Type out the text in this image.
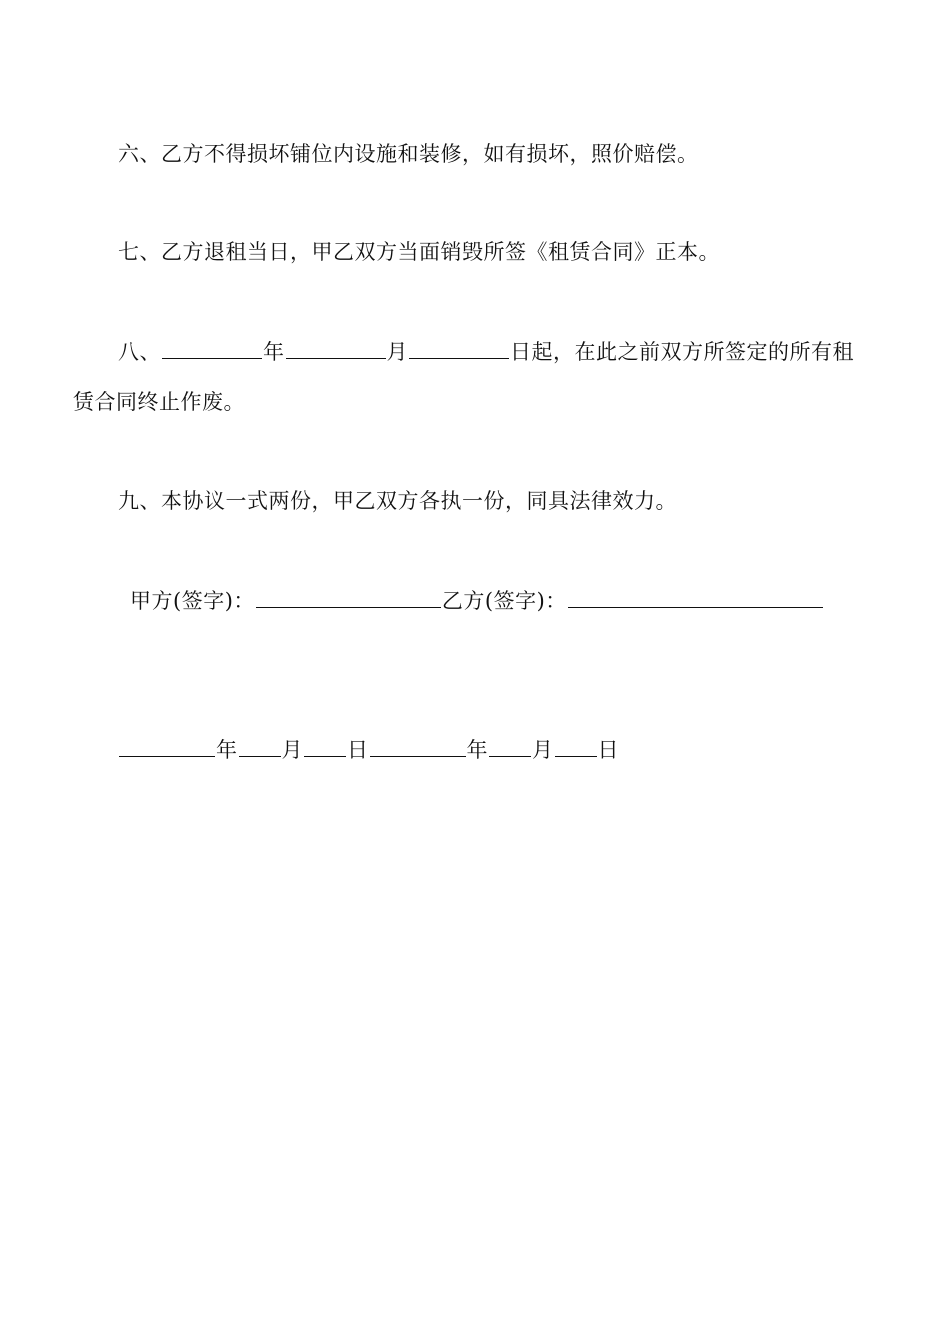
六、乙方不得损坏铺位内设施和装修，如有损坏，照价赔偿。
七、乙方退租当日，甲乙双方当面销毁所签《租赁合同》正本。
八、	年	月	日起，在此之前双方所签定的所有租
赁合同终止作废。
九、本协议一式两份，甲乙双方各执一份，同具法律效力。
甲方(签字)：	乙方(签字)：
年 月 日	年 月 日
